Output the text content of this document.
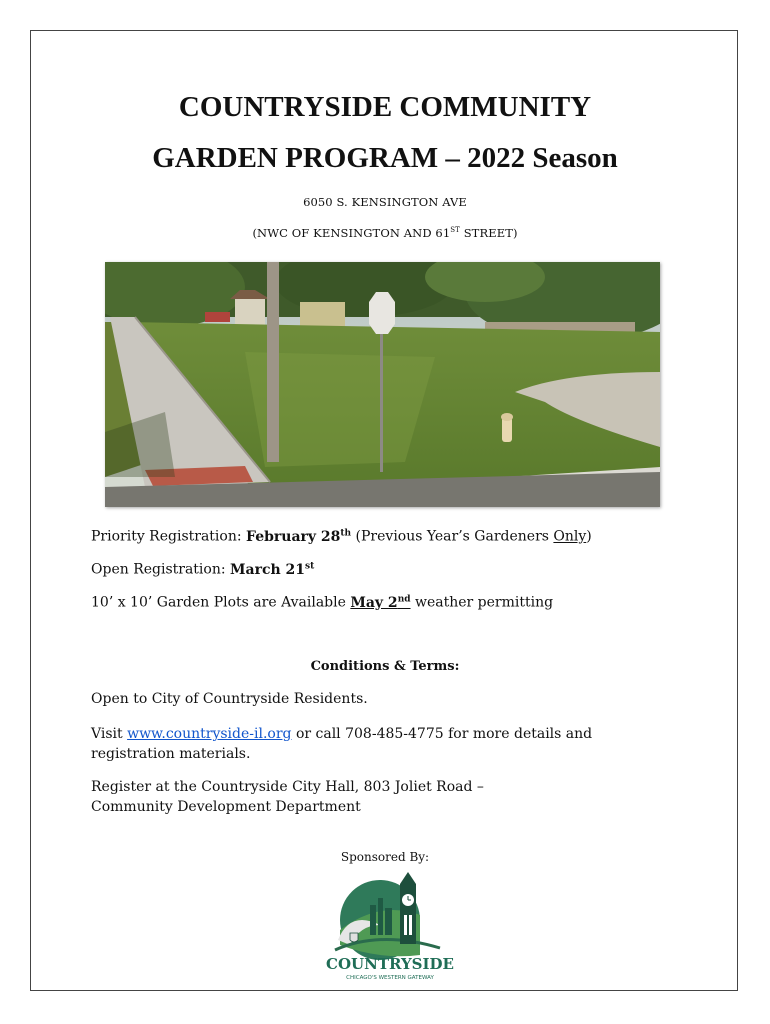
COUNTRYSIDE COMMUNITY
GARDEN PROGRAM – 2022 Season
6050 S. KENSINGTON AVE
(NWC OF KENSINGTON AND 61ST STREET)
Priority Registration: February 28th (Previous Year’s Gardeners Only)
Open Registration: March 21st
10’ x 10’ Garden Plots are Available May 2nd weather permitting
Conditions & Terms:
Open to City of Countryside Residents.
Visit www.countryside-il.org or call 708-485-4775 for more details and registration materials.
Register at the Countryside City Hall, 803 Joliet Road –
Community Development Department
Sponsored By:
COUNTRYSIDE
CHICAGO'S WESTERN GATEWAY
